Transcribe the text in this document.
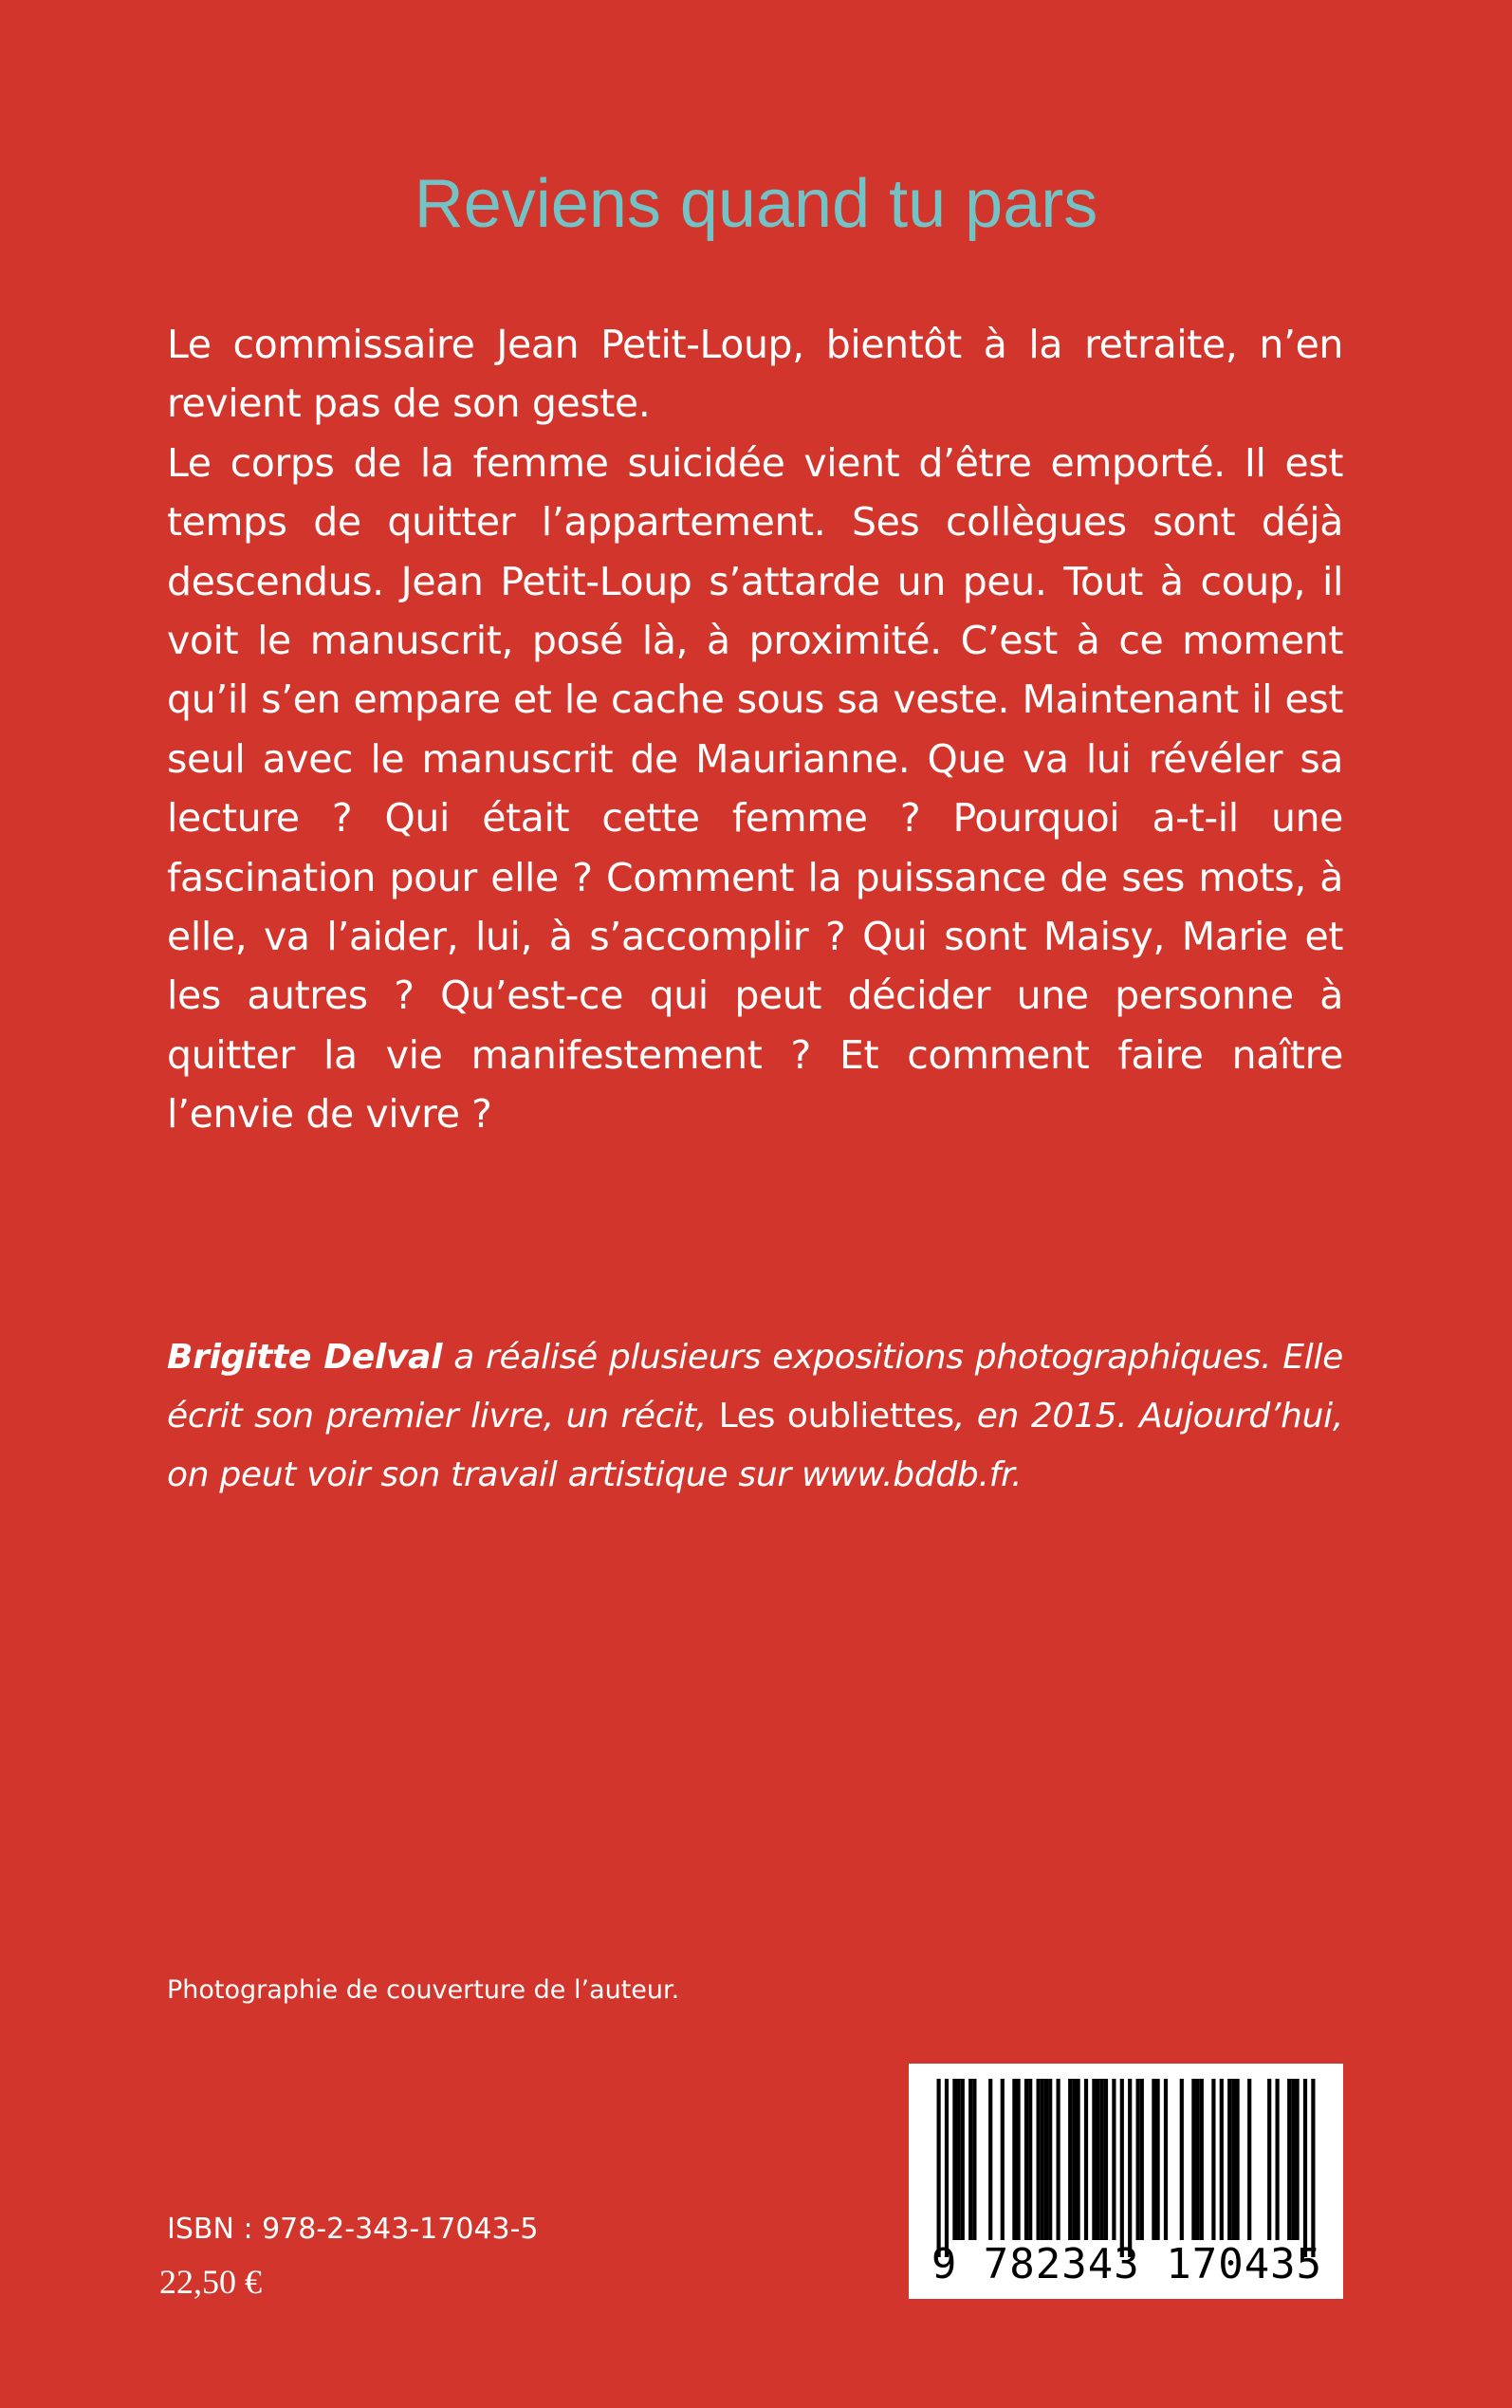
Reviens quand tu pars

Le commissaire Jean Petit-Loup, bientôt à la retraite, n’en revient pas de son geste.

Le corps de la femme suicidée vient d’être emporté. Il est temps de quitter l’appartement. Ses collègues sont déjà descendus. Jean Petit-Loup s’attarde un peu. Tout à coup, il voit le manuscrit, posé là, à proximité. C’est à ce moment qu’il s’en empare et le cache sous sa veste. Maintenant il est seul avec le manuscrit de Maurianne. Que va lui révéler sa lecture ? Qui était cette femme ? Pourquoi a-t-il une fascination pour elle ? Comment la puissance de ses mots, à elle, va l’aider, lui, à s’accomplir ? Qui sont Maisy, Marie et les autres ? Qu’est-ce qui peut décider une personne à quitter la vie manifestement ? Et comment faire naître l’envie de vivre ?

Brigitte Delval a réalisé plusieurs expositions photographiques. Elle écrit son premier livre, un récit, Les oubliettes, en 2015. Aujourd’hui, on peut voir son travail artistique sur www.bddb.fr.

Photographie de couverture de l’auteur.

ISBN : 978-2-343-17043-5

22,50 €	9 782343 170435
